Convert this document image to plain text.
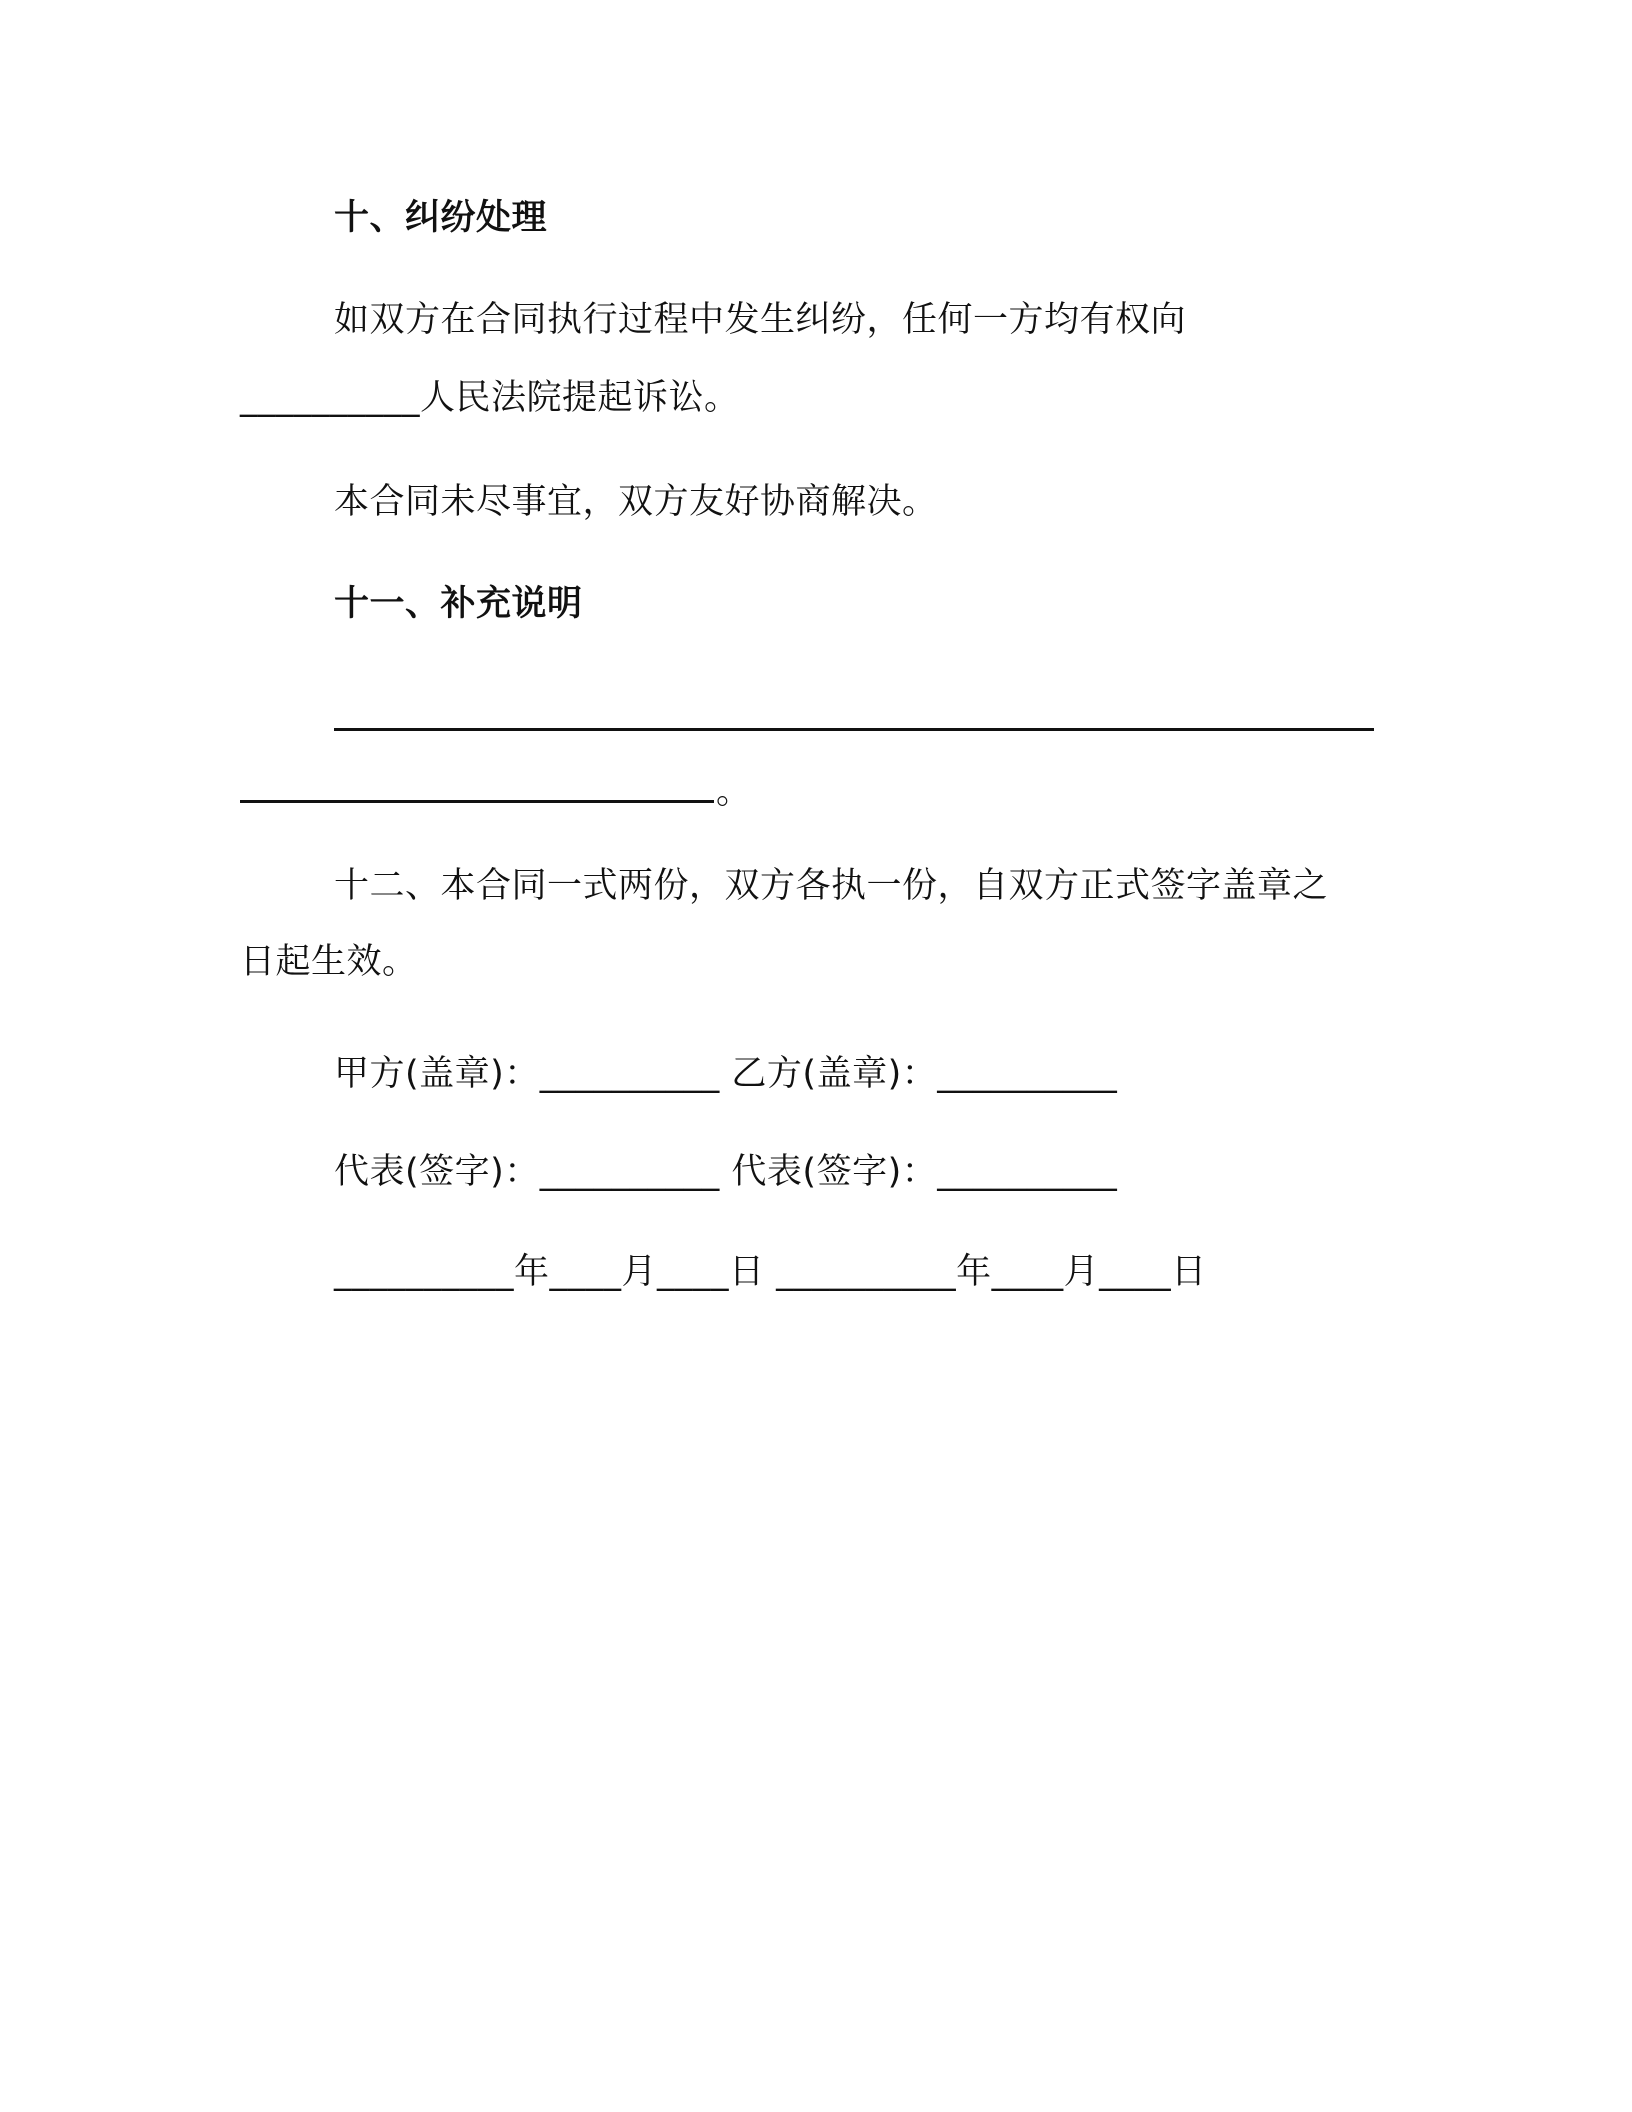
十、纠纷处理
如双方在合同执行过程中发生纠纷，任何一方均有权向
__________人民法院提起诉讼。
本合同未尽事宜，双方友好协商解决。
十一、补充说明
。
十二、本合同一式两份，双方各执一份，自双方正式签字盖章之
日起生效。
甲方(盖章)：__________ 乙方(盖章)：__________
代表(签字)：__________ 代表(签字)：__________
__________年____月____日 __________年____月____日
